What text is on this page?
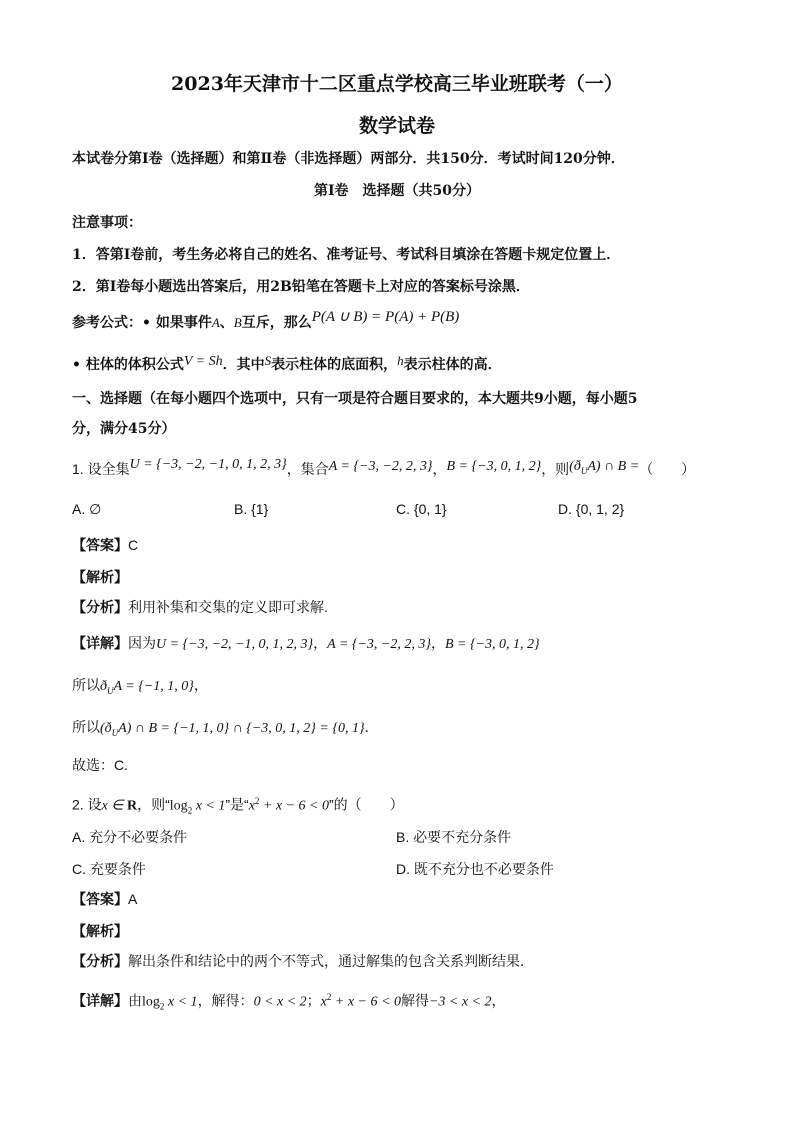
2023年天津市十二区重点学校高三毕业班联考（一）
数学试卷
本试卷分第Ⅰ卷（选择题）和第Ⅱ卷（非选择题）两部分．共150分．考试时间120分钟．
第Ⅰ卷　选择题（共50分）
注意事项：
1．答第Ⅰ卷前，考生务必将自己的姓名、准考证号、考试科目填涂在答题卡规定位置上．
2．第Ⅰ卷每小题选出答案后，用2B铅笔在答题卡上对应的答案标号涂黑．
参考公式：• 如果事件A、B互斥，那么P(A ∪ B) = P(A) + P(B)
• 柱体的体积公式V = Sh．其中S表示柱体的底面积，h表示柱体的高．
一、选择题（在每小题四个选项中，只有一项是符合题目要求的，本大题共9小题，每小题5
分，满分45分）
1. 设全集U = {−3, −2, −1, 0, 1, 2, 3}，集合A = {−3, −2, 2, 3}，B = {−3, 0, 1, 2}，则$(ð_UA)$ ∩ B =（　　）
A. ∅	B. {1}	C. {0, 1}	D. {0, 1, 2}
【答案】C
【解析】
【分析】利用补集和交集的定义即可求解.
【详解】因为U = {−3, −2, −1, 0, 1, 2, 3}，A = {−3, −2, 2, 3}，B = {−3, 0, 1, 2}
所以$ð_UA = \{-1$, 1, 0}，
所以$(ð_UA)$ ∩ B = {−1, 1, 0} ∩ {−3, 0, 1, 2} = {0, 1}．
故选：C.
2. 设x ∈ R，则“$\log_2$ x < 1”是“$x^2 + x - 6 < 0$”的（　　）
A. 充分不必要条件	B. 必要不充分条件
C. 充要条件	D. 既不充分也不必要条件
【答案】A
【解析】
【分析】解出条件和结论中的两个不等式，通过解集的包含关系判断结果．
【详解】由$\log_2 x < 1$，解得：0 < x < 2；$x^2 + x - 6 < 0$解得−3 < x < 2，
